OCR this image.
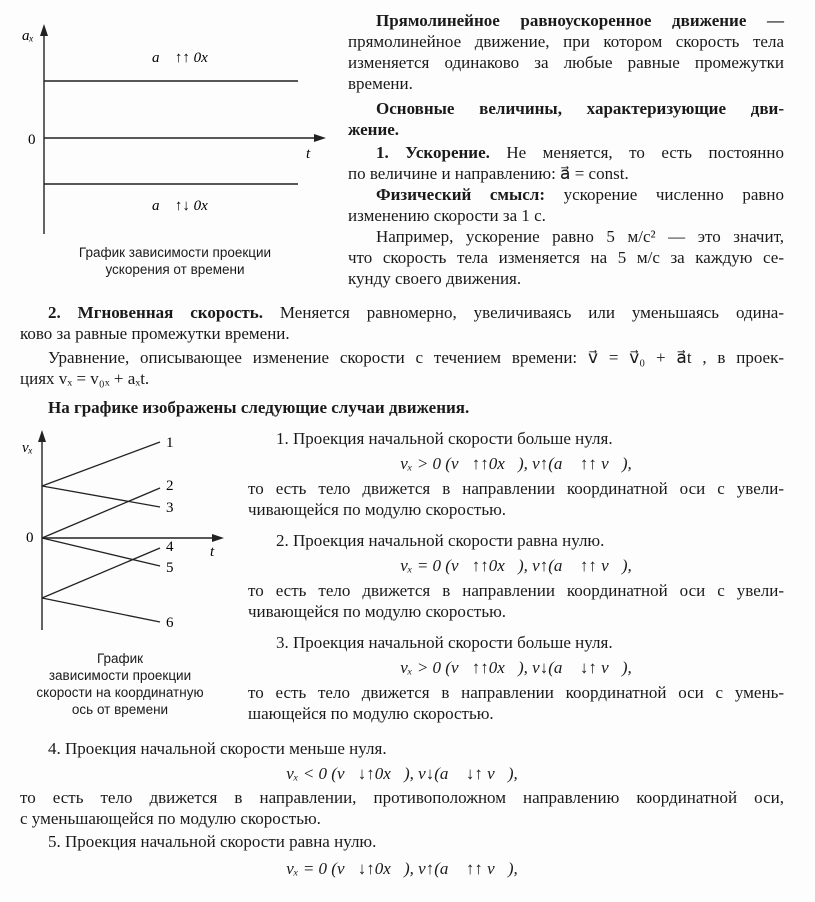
aₓ
0
t
a⃗ ↑↑ 0x⃗
a⃗ ↑↓ 0x⃗
График зависимости проекции
ускорения от времени
Прямолинейное равноускоренное движение —
прямолинейное движение, при котором скорость тела
изменяется одинаково за любые равные промежутки
времени.
Основные величины, характеризующие дви-
жение.
1. Ускорение. Не меняется, то есть постоянно
по величине и направлению: a⃗ = const.
Физический смысл: ускорение численно равно
изменению скорости за 1 с.
Например, ускорение равно 5 м/с² — это значит,
что скорость тела изменяется на 5 м/с за каждую се-
кунду своего движения.
2. Мгновенная скорость. Меняется равномерно, увеличиваясь или уменьшаясь одина-
ково за равные промежутки времени.
Уравнение, описывающее изменение скорости с течением времени: v⃗ = v⃗₀ + a⃗t , в проек-
циях vₓ = v₀ₓ + aₓt.
На графике изображены следующие случаи движения.
vₓ
0
t
1
2
3
4
5
6
График
зависимости проекции
скорости на координатную
ось от времени
1. Проекция начальной скорости больше нуля.
vₓ > 0 (v⃗↑↑0x⃗), v↑(a⃗ ↑↑ v⃗),
то есть тело движется в направлении координатной оси с увели-
чивающейся по модулю скоростью.
2. Проекция начальной скорости равна нулю.
vₓ = 0 (v⃗↑↑0x⃗), v↑(a⃗ ↑↑ v⃗),
то есть тело движется в направлении координатной оси с увели-
чивающейся по модулю скоростью.
3. Проекция начальной скорости больше нуля.
vₓ > 0 (v⃗↑↑0x⃗), v↓(a⃗ ↓↑ v⃗),
то есть тело движется в направлении координатной оси с умень-
шающейся по модулю скоростью.
4. Проекция начальной скорости меньше нуля.
vₓ < 0 (v⃗↓↑0x⃗), v↓(a⃗ ↓↑ v⃗),
то есть тело движется в направлении, противоположном направлению координатной оси,
с уменьшающейся по модулю скоростью.
5. Проекция начальной скорости равна нулю.
vₓ = 0 (v⃗↓↑0x⃗), v↑(a⃗ ↑↑ v⃗),
